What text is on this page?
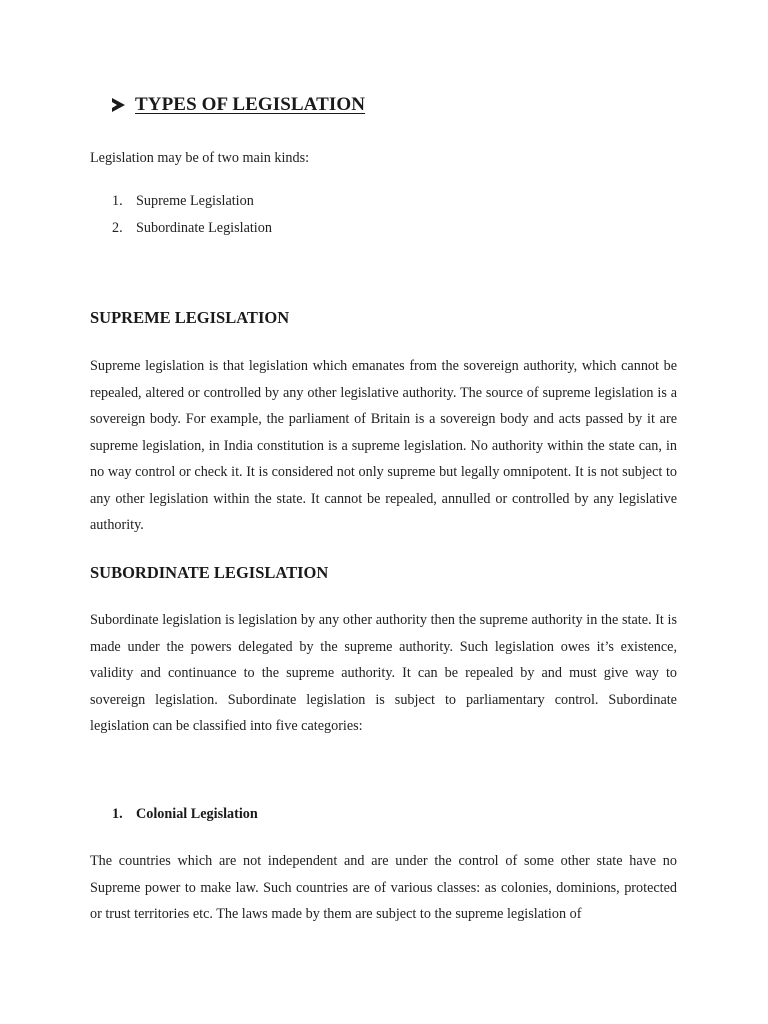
TYPES OF LEGISLATION
Legislation may be of two main kinds:
1. Supreme Legislation
2. Subordinate Legislation
SUPREME LEGISLATION
Supreme legislation is that legislation which emanates from the sovereign authority, which cannot be repealed, altered or controlled by any other legislative authority. The source of supreme legislation is a sovereign body. For example, the parliament of Britain is a sovereign body and acts passed by it are supreme legislation, in India constitution is a supreme legislation. No authority within the state can, in no way control or check it. It is considered not only supreme but legally omnipotent. It is not subject to any other legislation within the state. It cannot be repealed, annulled or controlled by any legislative authority.
SUBORDINATE LEGISLATION
Subordinate legislation is legislation by any other authority then the supreme authority in the state. It is made under the powers delegated by the supreme authority. Such legislation owes it’s existence, validity and continuance to the supreme authority. It can be repealed by and must give way to sovereign legislation. Subordinate legislation is subject to parliamentary control. Subordinate legislation can be classified into five categories:
1. Colonial Legislation
The countries which are not independent and are under the control of some other state have no Supreme power to make law. Such countries are of various classes: as colonies, dominions, protected or trust territories etc. The laws made by them are subject to the supreme legislation of
